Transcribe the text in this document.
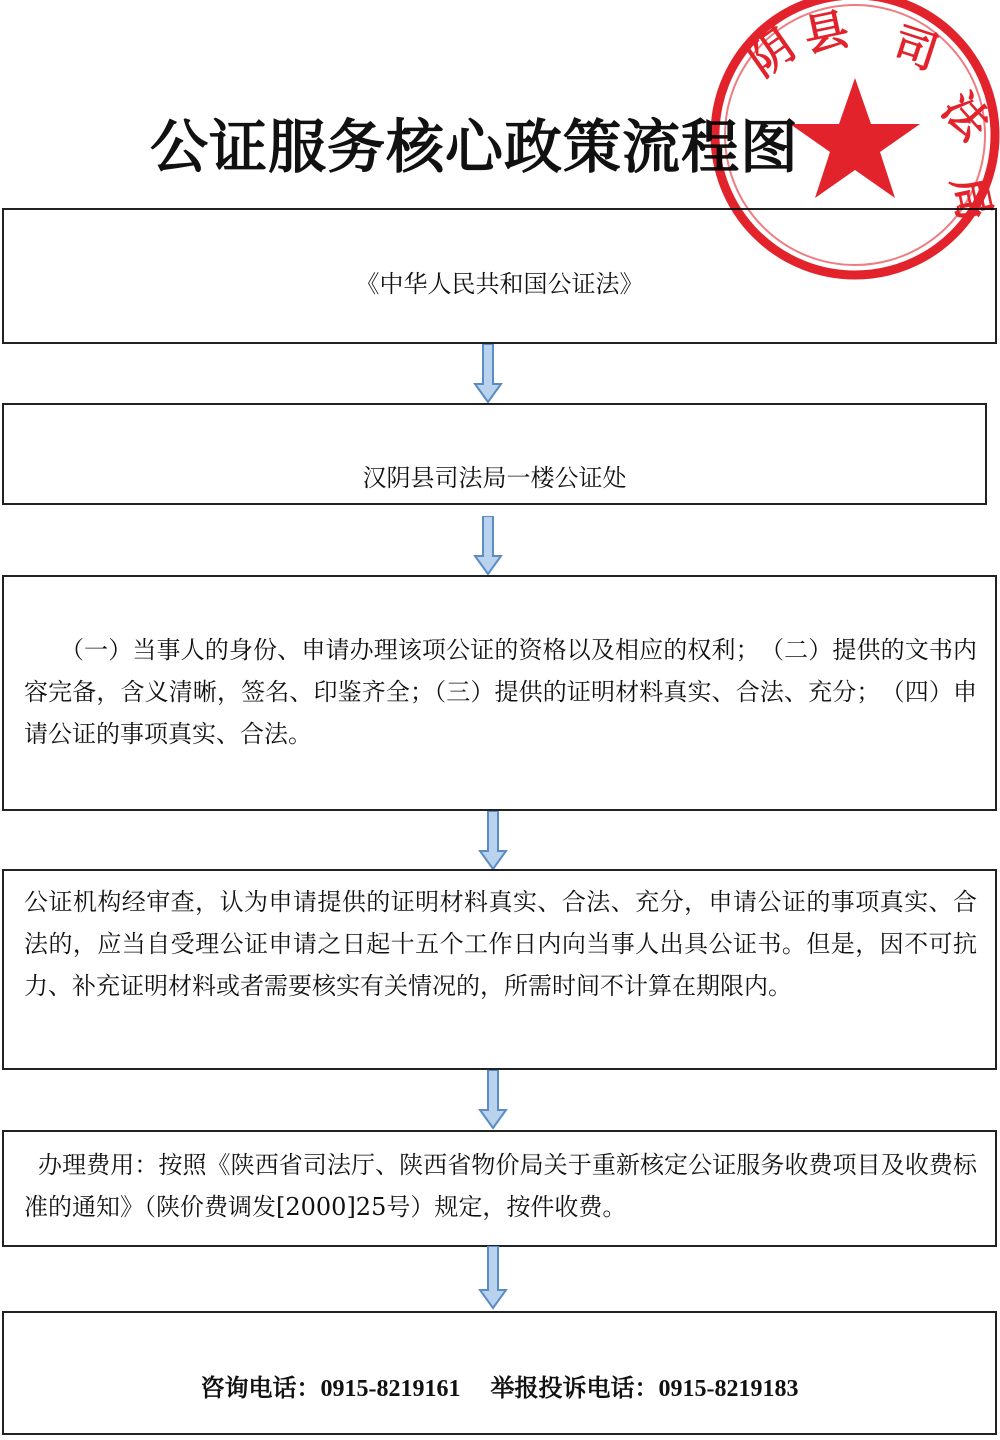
公证服务核心政策流程图
阴
县 司
法
局
《中华人民共和国公证法》
汉阴县司法局一楼公证处
（一）当事人的身份、申请办理该项公证的资格以及相应的权利；　（二）提供的文书内容完备，含义清晰，签名、印鉴齐全；（三）提供的证明材料真实、合法、充分；　（四）申请公证的事项真实、合法。
公证机构经审查，认为申请提供的证明材料真实、合法、充分，申请公证的事项真实、合法的，应当自受理公证申请之日起十五个工作日内向当事人出具公证书。但是，因不可抗力、补充证明材料或者需要核实有关情况的，所需时间不计算在期限内。
办理费用：按照《陕西省司法厅、陕西省物价局关于重新核定公证服务收费项目及收费标准的通知》（陕价费调发[2000]25号）规定，按件收费。
咨询电话：0915-8219161 举报投诉电话：0915-8219183
